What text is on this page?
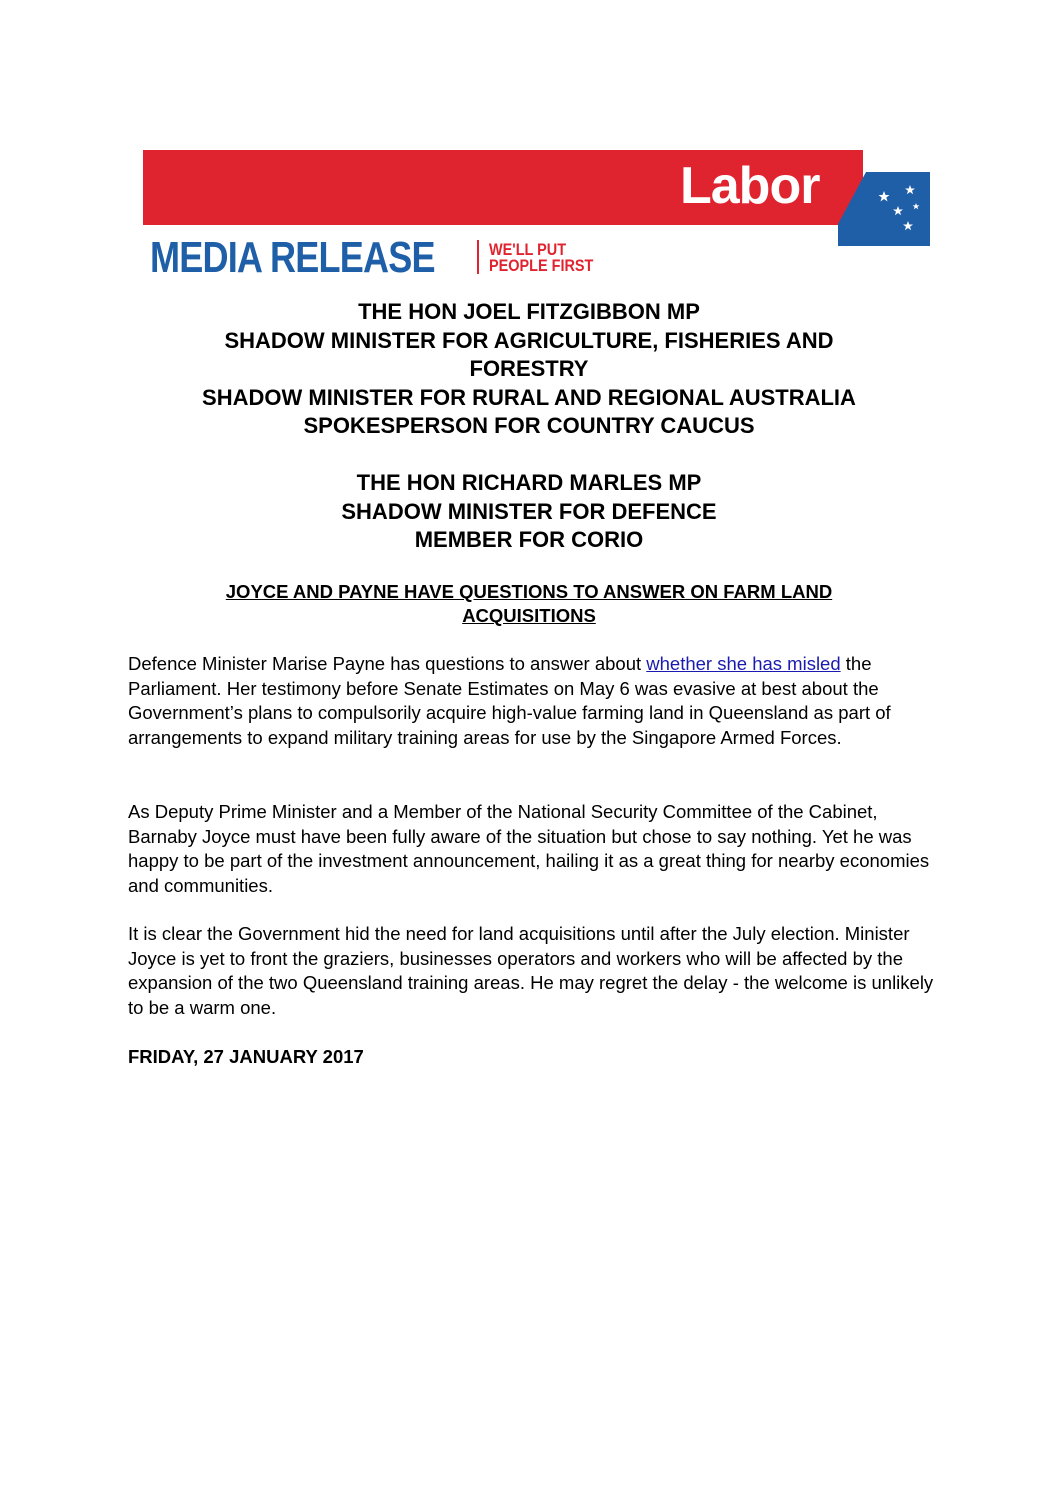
Labor
MEDIA RELEASE	WE'LL PUT
PEOPLE FIRST
THE HON JOEL FITZGIBBON MP
SHADOW MINISTER FOR AGRICULTURE, FISHERIES AND
FORESTRY
SHADOW MINISTER FOR RURAL AND REGIONAL AUSTRALIA
SPOKESPERSON FOR COUNTRY CAUCUS
THE HON RICHARD MARLES MP
SHADOW MINISTER FOR DEFENCE
MEMBER FOR CORIO
JOYCE AND PAYNE HAVE QUESTIONS TO ANSWER ON FARM LAND
ACQUISITIONS
Defence Minister Marise Payne has questions to answer about whether she has misled the Parliament. Her testimony before Senate Estimates on May 6 was evasive at best about the Government’s plans to compulsorily acquire high-value farming land in Queensland as part of arrangements to expand military training areas for use by the Singapore Armed Forces.
As Deputy Prime Minister and a Member of the National Security Committee of the Cabinet, Barnaby Joyce must have been fully aware of the situation but chose to say nothing. Yet he was happy to be part of the investment announcement, hailing it as a great thing for nearby economies and communities.
It is clear the Government hid the need for land acquisitions until after the July election. Minister Joyce is yet to front the graziers, businesses operators and workers who will be affected by the expansion of the two Queensland training areas. He may regret the delay - the welcome is unlikely to be a warm one.
FRIDAY, 27 JANUARY 2017
